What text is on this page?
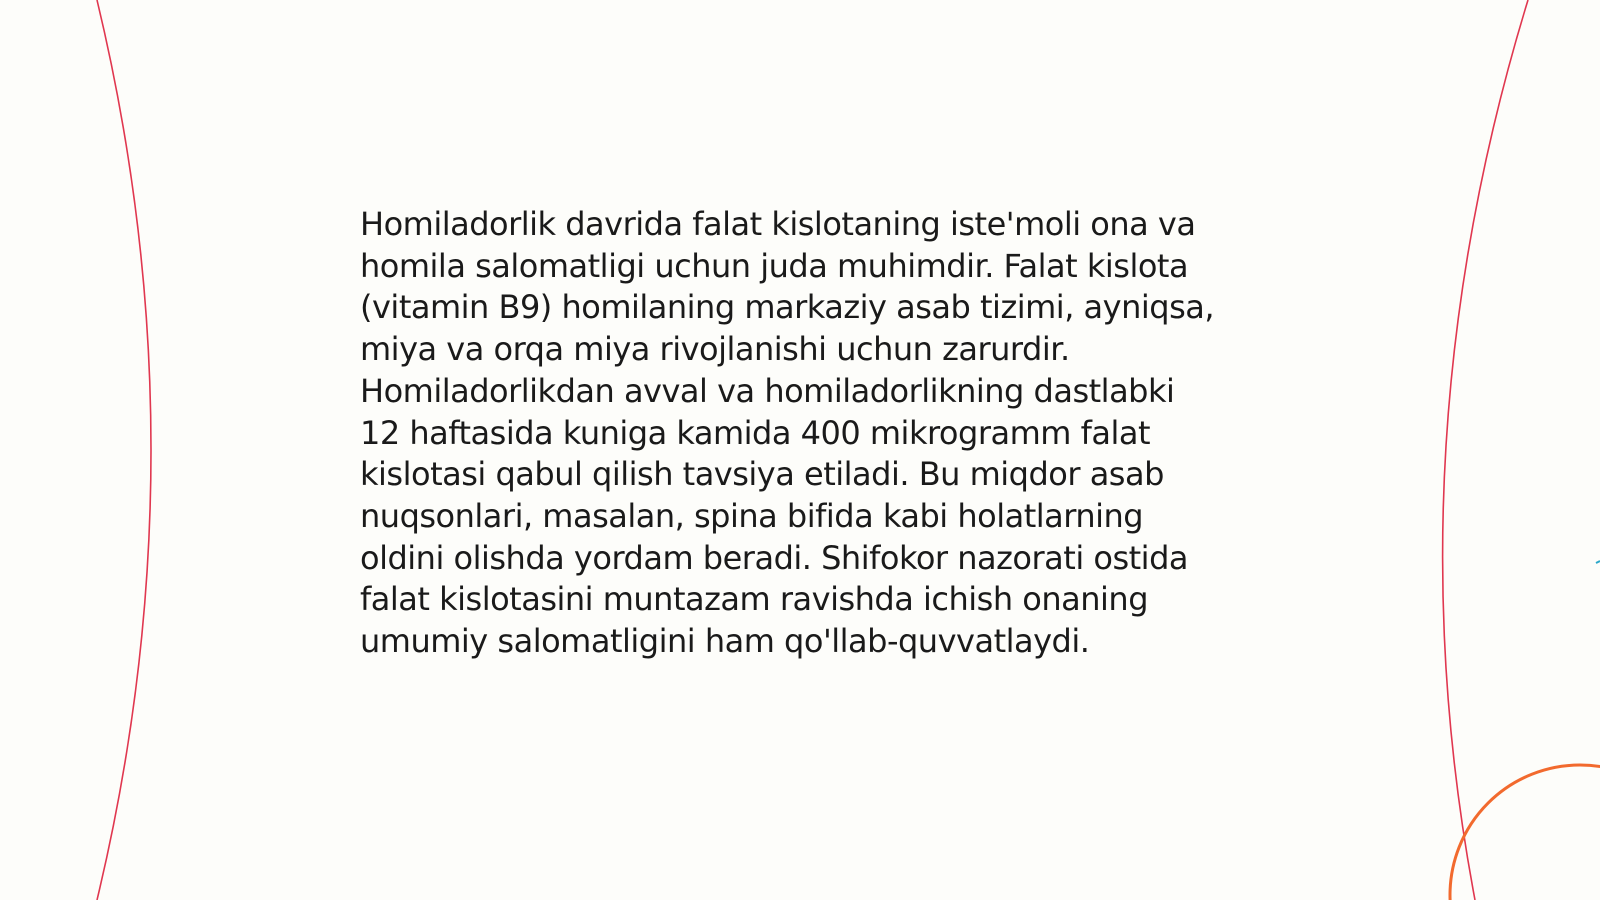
Homiladorlik davrida falat kislotaning iste'moli ona va
homila salomatligi uchun juda muhimdir. Falat kislota
(vitamin B9) homilaning markaziy asab tizimi, ayniqsa,
miya va orqa miya rivojlanishi uchun zarurdir.
Homiladorlikdan avval va homiladorlikning dastlabki
12 haftasida kuniga kamida 400 mikrogramm falat
kislotasi qabul qilish tavsiya etiladi. Bu miqdor asab
nuqsonlari, masalan, spina bifida kabi holatlarning
oldini olishda yordam beradi. Shifokor nazorati ostida
falat kislotasini muntazam ravishda ichish onaning
umumiy salomatligini ham qo'llab-quvvatlaydi.
